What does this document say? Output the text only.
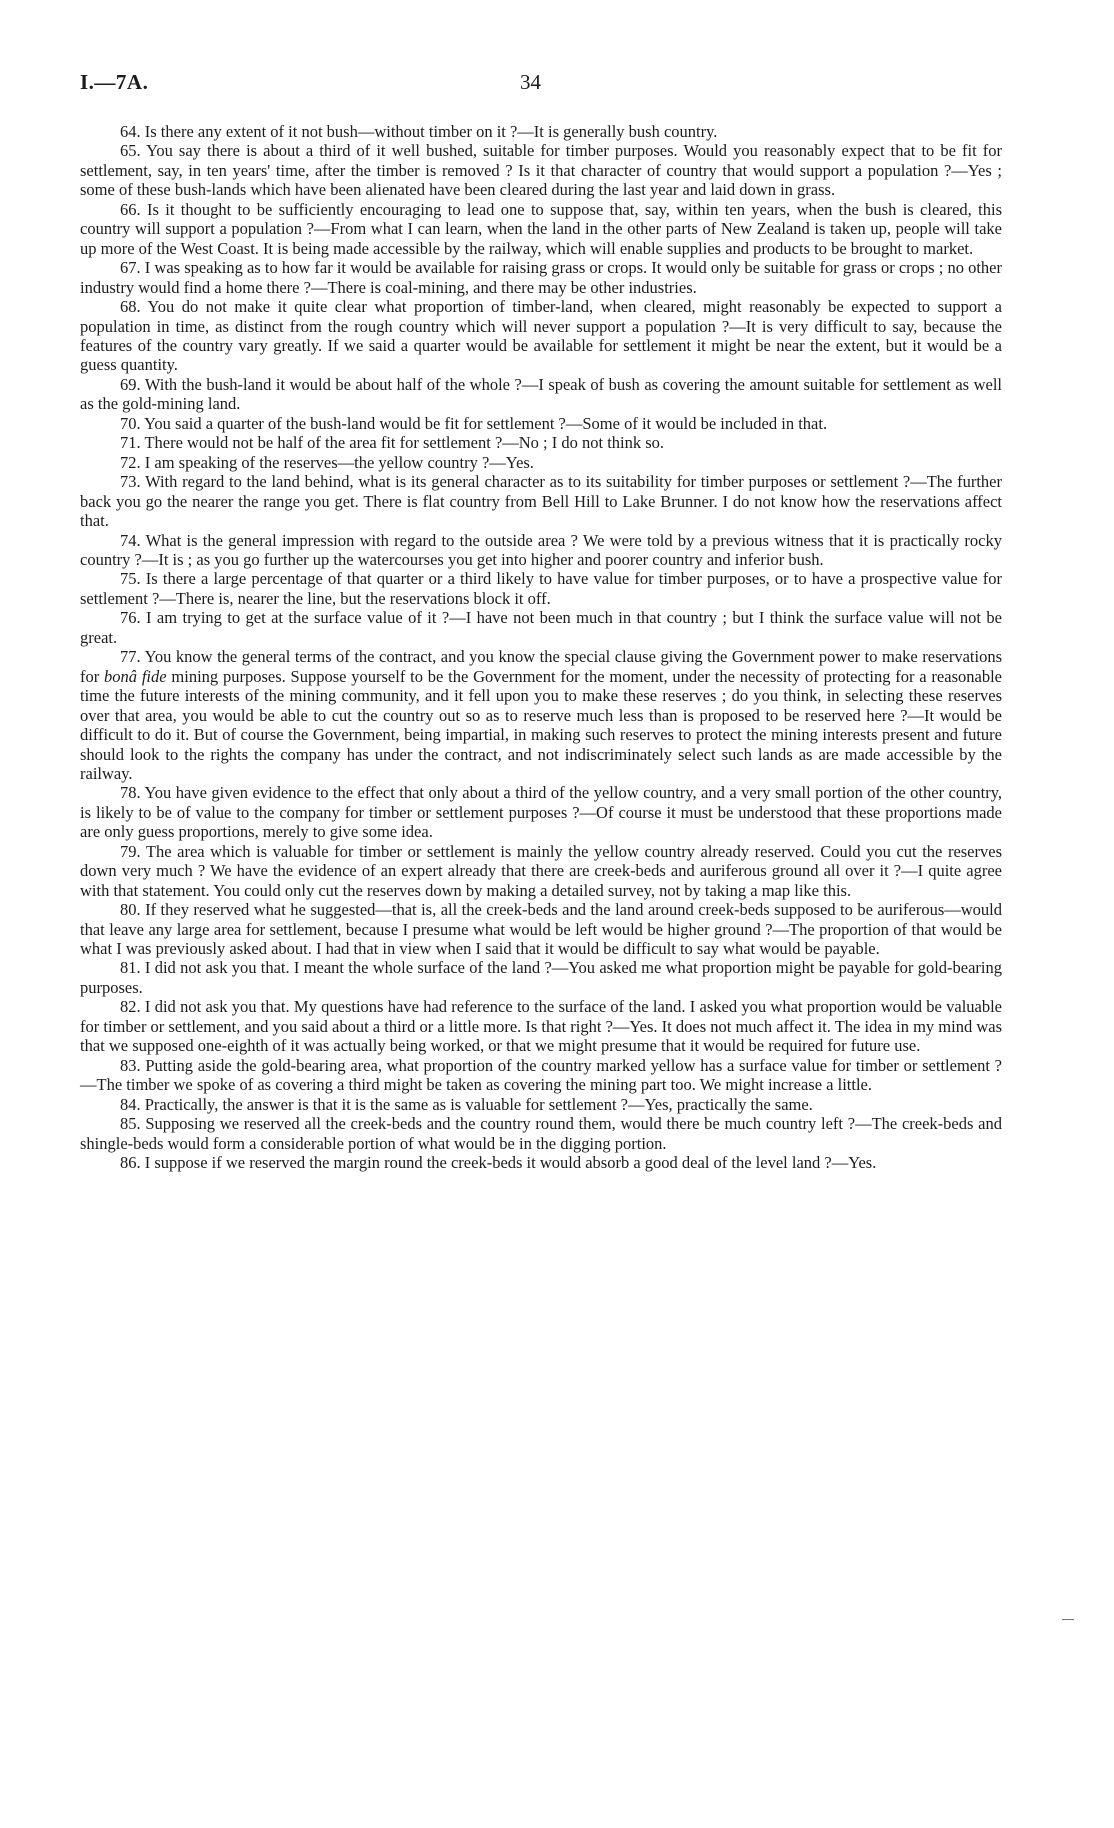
I.—7A.	34

64. Is there any extent of it not bush—without timber on it ?—It is generally bush country.

65. You say there is about a third of it well bushed, suitable for timber purposes. Would you reasonably expect that to be fit for settlement, say, in ten years' time, after the timber is removed ? Is it that character of country that would support a population ?—Yes ; some of these bush-lands which have been alienated have been cleared during the last year and laid down in grass.

66. Is it thought to be sufficiently encouraging to lead one to suppose that, say, within ten years, when the bush is cleared, this country will support a population ?—From what I can learn, when the land in the other parts of New Zealand is taken up, people will take up more of the West Coast. It is being made accessible by the railway, which will enable supplies and products to be brought to market.

67. I was speaking as to how far it would be available for raising grass or crops. It would only be suitable for grass or crops ; no other industry would find a home there ?—There is coal-mining, and there may be other industries.

68. You do not make it quite clear what proportion of timber-land, when cleared, might reasonably be expected to support a population in time, as distinct from the rough country which will never support a population ?—It is very difficult to say, because the features of the country vary greatly. If we said a quarter would be available for settlement it might be near the extent, but it would be a guess quantity.

69. With the bush-land it would be about half of the whole ?—I speak of bush as covering the amount suitable for settlement as well as the gold-mining land.

70. You said a quarter of the bush-land would be fit for settlement ?—Some of it would be included in that.

71. There would not be half of the area fit for settlement ?—No ; I do not think so.

72. I am speaking of the reserves—the yellow country ?—Yes.

73. With regard to the land behind, what is its general character as to its suitability for timber purposes or settlement ?—The further back you go the nearer the range you get. There is flat country from Bell Hill to Lake Brunner. I do not know how the reservations affect that.

74. What is the general impression with regard to the outside area ? We were told by a previous witness that it is practically rocky country ?—It is ; as you go further up the watercourses you get into higher and poorer country and inferior bush.

75. Is there a large percentage of that quarter or a third likely to have value for timber purposes, or to have a prospective value for settlement ?—There is, nearer the line, but the reservations block it off.

76. I am trying to get at the surface value of it ?—I have not been much in that country ; but I think the surface value will not be great.

77. You know the general terms of the contract, and you know the special clause giving the Government power to make reservations for bonâ fide mining purposes. Suppose yourself to be the Government for the moment, under the necessity of protecting for a reasonable time the future interests of the mining community, and it fell upon you to make these reserves ; do you think, in selecting these reserves over that area, you would be able to cut the country out so as to reserve much less than is proposed to be reserved here ?—It would be difficult to do it. But of course the Government, being impartial, in making such reserves to protect the mining interests present and future should look to the rights the company has under the contract, and not indiscriminately select such lands as are made accessible by the railway.

78. You have given evidence to the effect that only about a third of the yellow country, and a very small portion of the other country, is likely to be of value to the company for timber or settlement purposes ?—Of course it must be understood that these proportions made are only guess proportions, merely to give some idea.

79. The area which is valuable for timber or settlement is mainly the yellow country already reserved. Could you cut the reserves down very much ? We have the evidence of an expert already that there are creek-beds and auriferous ground all over it ?—I quite agree with that statement. You could only cut the reserves down by making a detailed survey, not by taking a map like this.

80. If they reserved what he suggested—that is, all the creek-beds and the land around creek-beds supposed to be auriferous—would that leave any large area for settlement, because I presume what would be left would be higher ground ?—The proportion of that would be what I was previously asked about. I had that in view when I said that it would be difficult to say what would be payable.

81. I did not ask you that. I meant the whole surface of the land ?—You asked me what proportion might be payable for gold-bearing purposes.

82. I did not ask you that. My questions have had reference to the surface of the land. I asked you what proportion would be valuable for timber or settlement, and you said about a third or a little more. Is that right ?—Yes. It does not much affect it. The idea in my mind was that we supposed one-eighth of it was actually being worked, or that we might presume that it would be required for future use.

83. Putting aside the gold-bearing area, what proportion of the country marked yellow has a surface value for timber or settlement ?—The timber we spoke of as covering a third might be taken as covering the mining part too. We might increase a little.

84. Practically, the answer is that it is the same as is valuable for settlement ?—Yes, practically the same.

85. Supposing we reserved all the creek-beds and the country round them, would there be much country left ?—The creek-beds and shingle-beds would form a considerable portion of what would be in the digging portion.

86. I suppose if we reserved the margin round the creek-beds it would absorb a good deal of the level land ?—Yes.
